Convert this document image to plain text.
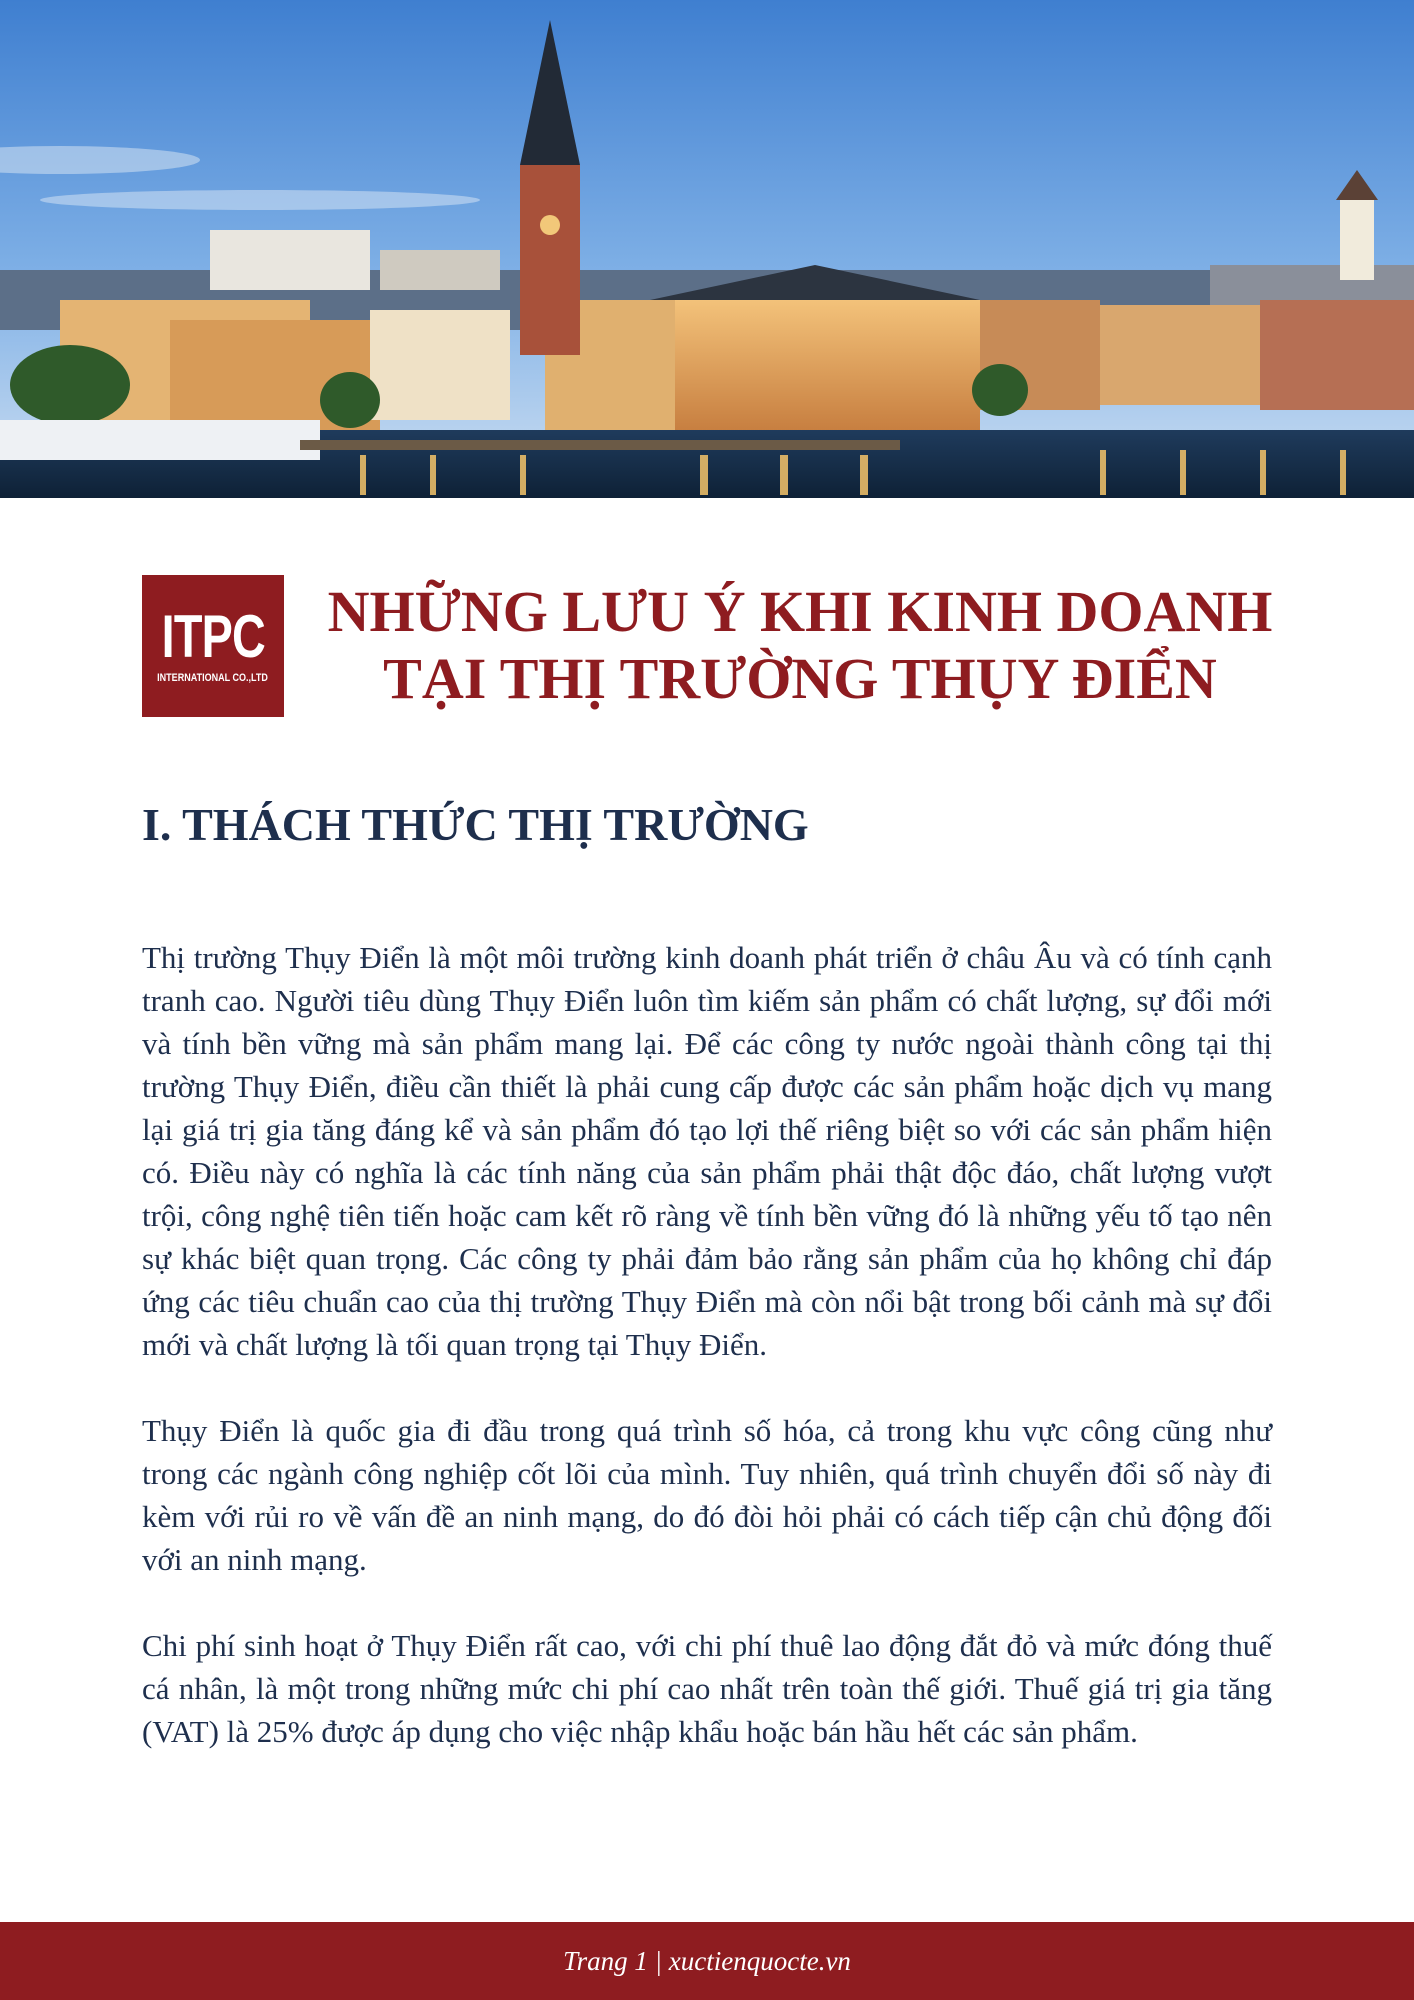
ITPC
INTERNATIONAL CO.,LTD
NHỮNG LƯU Ý KHI KINH DOANH
TẠI THỊ TRƯỜNG THỤY ĐIỂN
I. THÁCH THỨC THỊ TRƯỜNG

Thị trường Thụy Điển là một môi trường kinh doanh phát triển ở châu Âu và có tính cạnh tranh cao. Người tiêu dùng Thụy Điển luôn tìm kiếm sản phẩm có chất lượng, sự đổi mới và tính bền vững mà sản phẩm mang lại. Để các công ty nước ngoài thành công tại thị trường Thụy Điển, điều cần thiết là phải cung cấp được các sản phẩm hoặc dịch vụ mang lại giá trị gia tăng đáng kể và sản phẩm đó tạo lợi thế riêng biệt so với các sản phẩm hiện có. Điều này có nghĩa là các tính năng của sản phẩm phải thật độc đáo, chất lượng vượt trội, công nghệ tiên tiến hoặc cam kết rõ ràng về tính bền vững đó là những yếu tố tạo nên sự khác biệt quan trọng. Các công ty phải đảm bảo rằng sản phẩm của họ không chỉ đáp ứng các tiêu chuẩn cao của thị trường Thụy Điển mà còn nổi bật trong bối cảnh mà sự đổi mới và chất lượng là tối quan trọng tại Thụy Điển.

Thụy Điển là quốc gia đi đầu trong quá trình số hóa, cả trong khu vực công cũng như trong các ngành công nghiệp cốt lõi của mình. Tuy nhiên, quá trình chuyển đổi số này đi kèm với rủi ro về vấn đề an ninh mạng, do đó đòi hỏi phải có cách tiếp cận chủ động đối với an ninh mạng.

Chi phí sinh hoạt ở Thụy Điển rất cao, với chi phí thuê lao động đắt đỏ và mức đóng thuế cá nhân, là một trong những mức chi phí cao nhất trên toàn thế giới. Thuế giá trị gia tăng (VAT) là 25% được áp dụng cho việc nhập khẩu hoặc bán hầu hết các sản phẩm.

Trang 1 | xuctienquocte.vn
